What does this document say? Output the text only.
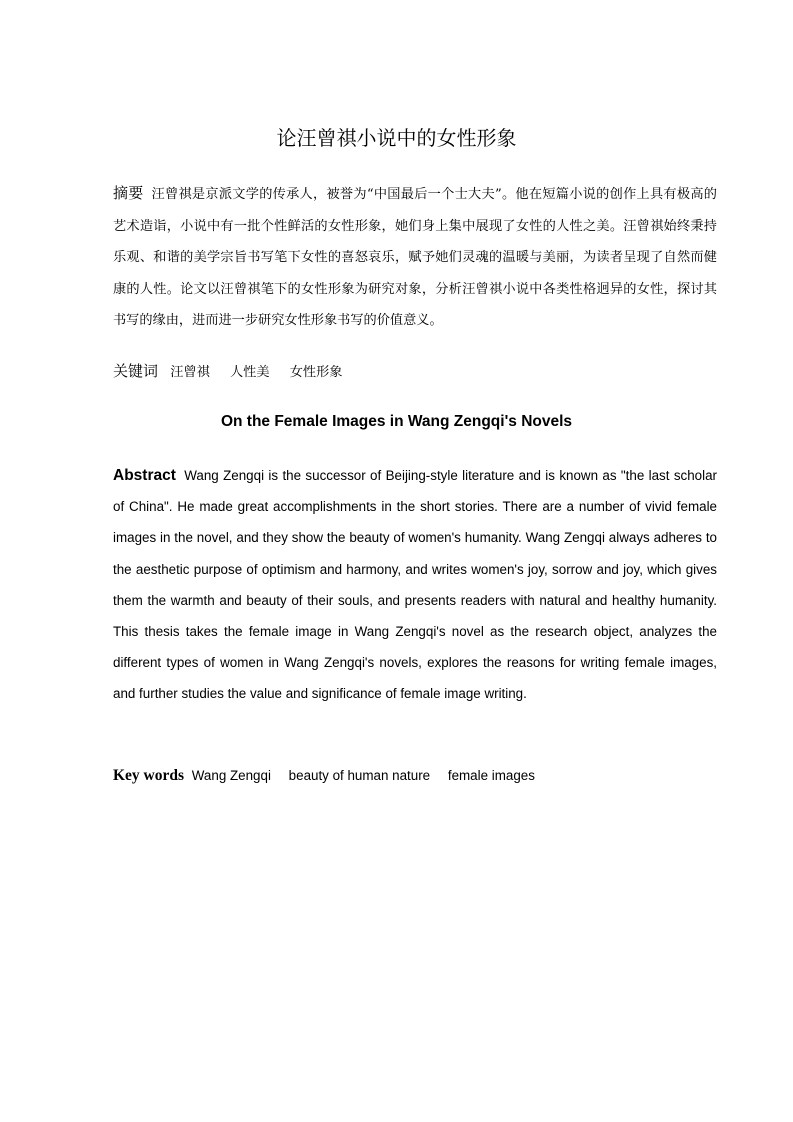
论汪曾祺小说中的女性形象
摘要 汪曾祺是京派文学的传承人，被誉为“中国最后一个士大夫”。他在短篇小说的创作上具有极高的艺术造诣，小说中有一批个性鲜活的女性形象，她们身上集中展现了女性的人性之美。汪曾祺始终秉持乐观、和谐的美学宗旨书写笔下女性的喜怒哀乐，赋予她们灵魂的温暖与美丽，为读者呈现了自然而健康的人性。论文以汪曾祺笔下的女性形象为研究对象，分析汪曾祺小说中各类性格迥异的女性，探讨其书写的缘由，进而进一步研究女性形象书写的价值意义。
关键词 汪曾祺 人性美 女性形象
On the Female Images in Wang Zengqi's Novels
Abstract Wang Zengqi is the successor of Beijing-style literature and is known as "the last scholar of China". He made great accomplishments in the short stories. There are a number of vivid female images in the novel, and they show the beauty of women's humanity. Wang Zengqi always adheres to the aesthetic purpose of optimism and harmony, and writes women's joy, sorrow and joy, which gives them the warmth and beauty of their souls, and presents readers with natural and healthy humanity. This thesis takes the female image in Wang Zengqi's novel as the research object, analyzes the different types of women in Wang Zengqi's novels, explores the reasons for writing female images, and further studies the value and significance of female image writing.
Key words Wang Zengqi beauty of human nature female images
